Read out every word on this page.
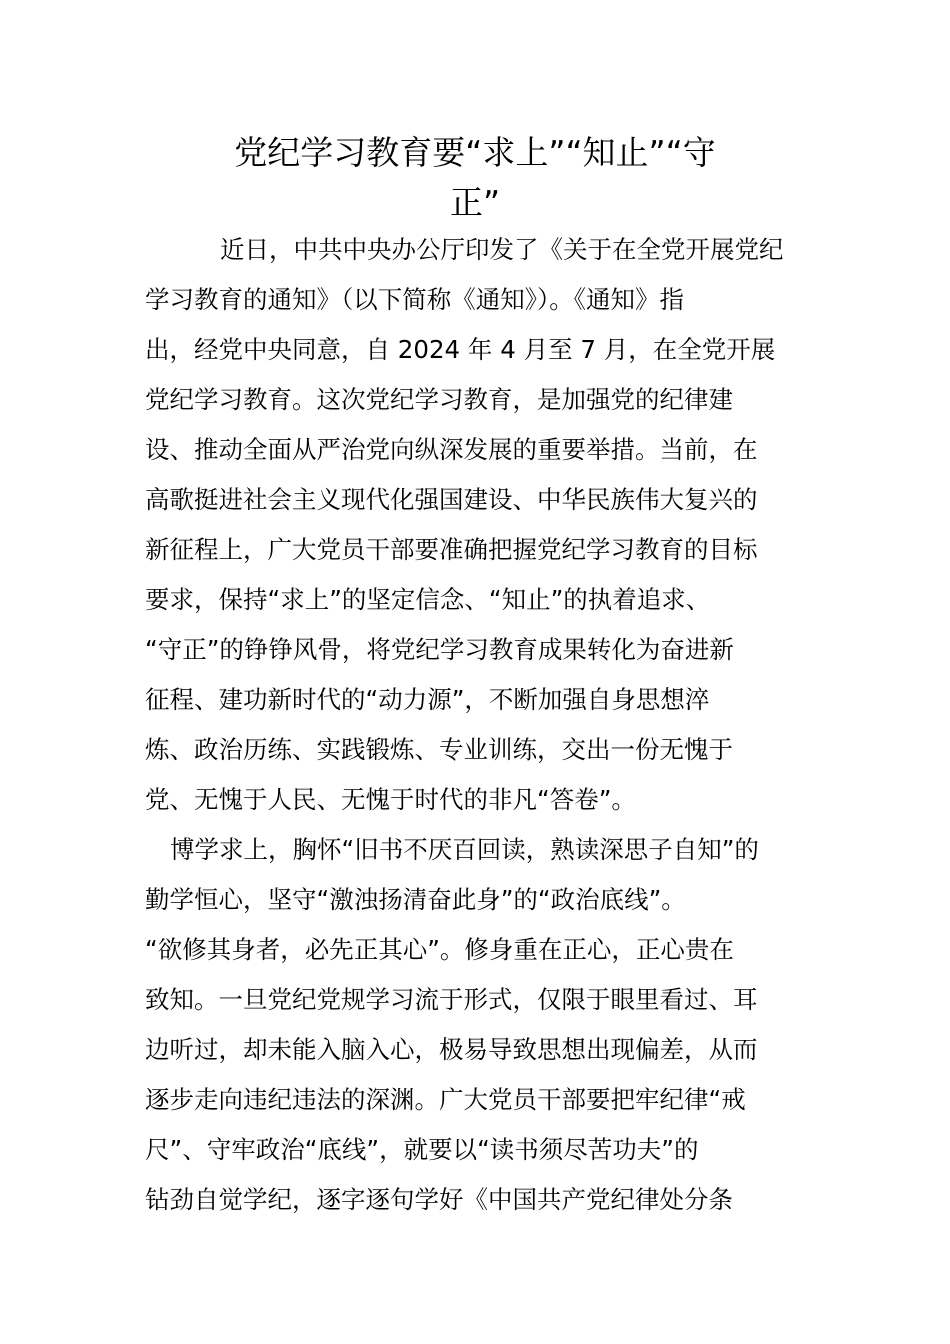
党纪学习教育要“求上”“知止”“守
正”
近日，中共中央办公厅印发了《关于在全党开展党纪
学习教育的通知》（以下简称《通知》）。《通知》指
出，经党中央同意，自 2024 年 4 月至 7 月，在全党开展
党纪学习教育。这次党纪学习教育，是加强党的纪律建
设、推动全面从严治党向纵深发展的重要举措。当前，在
高歌挺进社会主义现代化强国建设、中华民族伟大复兴的
新征程上，广大党员干部要准确把握党纪学习教育的目标
要求，保持“求上”的坚定信念、“知止”的执着追求、
“守正”的铮铮风骨，将党纪学习教育成果转化为奋进新
征程、建功新时代的“动力源”，不断加强自身思想淬
炼、政治历练、实践锻炼、专业训练，交出一份无愧于
党、无愧于人民、无愧于时代的非凡“答卷”。
博学求上，胸怀“旧书不厌百回读，熟读深思子自知”的
勤学恒心，坚守“激浊扬清奋此身”的“政治底线”。
“欲修其身者，必先正其心”。修身重在正心，正心贵在
致知。一旦党纪党规学习流于形式，仅限于眼里看过、耳
边听过，却未能入脑入心，极易导致思想出现偏差，从而
逐步走向违纪违法的深渊。广大党员干部要把牢纪律“戒
尺”、守牢政治“底线”，就要以“读书须尽苦功夫”的
钻劲自觉学纪，逐字逐句学好《中国共产党纪律处分条
